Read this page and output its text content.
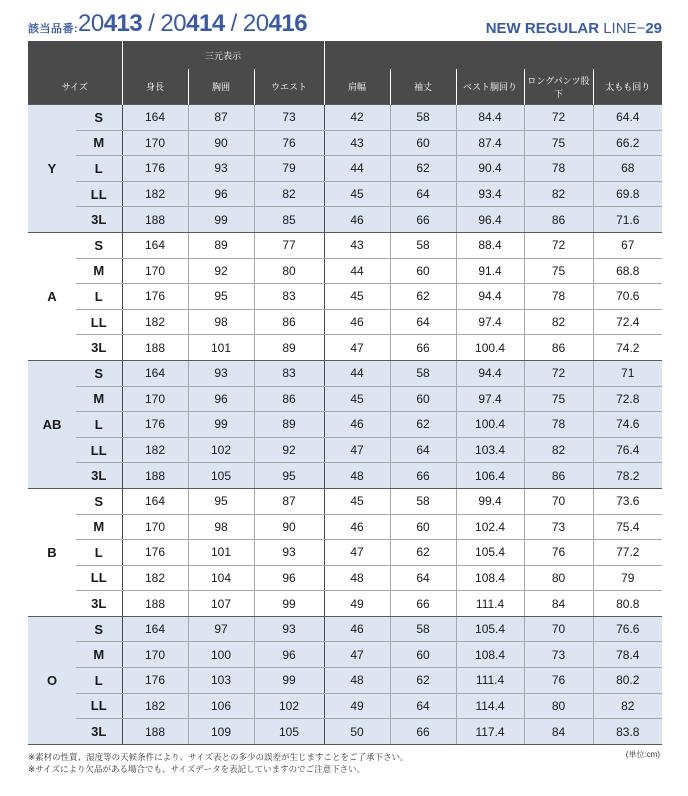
該当品番: 20413 / 20414 / 20416	NEW REGULAR LINE−29
		三元表示							
サイズ		身長	胸囲	ウエスト	肩幅	袖丈	ベスト胴回り	ロングパンツ股下	太もも回り
Y	S	164	87	73	42	58	84.4	72	64.4
	M	170	90	76	43	60	87.4	75	66.2
	L	176	93	79	44	62	90.4	78	68
	LL	182	96	82	45	64	93.4	82	69.8
	3L	188	99	85	46	66	96.4	86	71.6
A	S	164	89	77	43	58	88.4	72	67
	M	170	92	80	44	60	91.4	75	68.8
	L	176	95	83	45	62	94.4	78	70.6
	LL	182	98	86	46	64	97.4	82	72.4
	3L	188	101	89	47	66	100.4	86	74.2
AB	S	164	93	83	44	58	94.4	72	71
	M	170	96	86	45	60	97.4	75	72.8
	L	176	99	89	46	62	100.4	78	74.6
	LL	182	102	92	47	64	103.4	82	76.4
	3L	188	105	95	48	66	106.4	86	78.2
B	S	164	95	87	45	58	99.4	70	73.6
	M	170	98	90	46	60	102.4	73	75.4
	L	176	101	93	47	62	105.4	76	77.2
	LL	182	104	96	48	64	108.4	80	79
	3L	188	107	99	49	66	111.4	84	80.8
O	S	164	97	93	46	58	105.4	70	76.6
	M	170	100	96	47	60	108.4	73	78.4
	L	176	103	99	48	62	111.4	76	80.2
	LL	182	106	102	49	64	114.4	80	82
	3L	188	109	105	50	66	117.4	84	83.8
(単位:cm)
※素材の性質、湿度等の天候条件により、サイズ表との多少の誤差が生じますことをご了承下さい。
※サイズにより欠品がある場合でも、サイズデータを表記していますのでご注意下さい。
